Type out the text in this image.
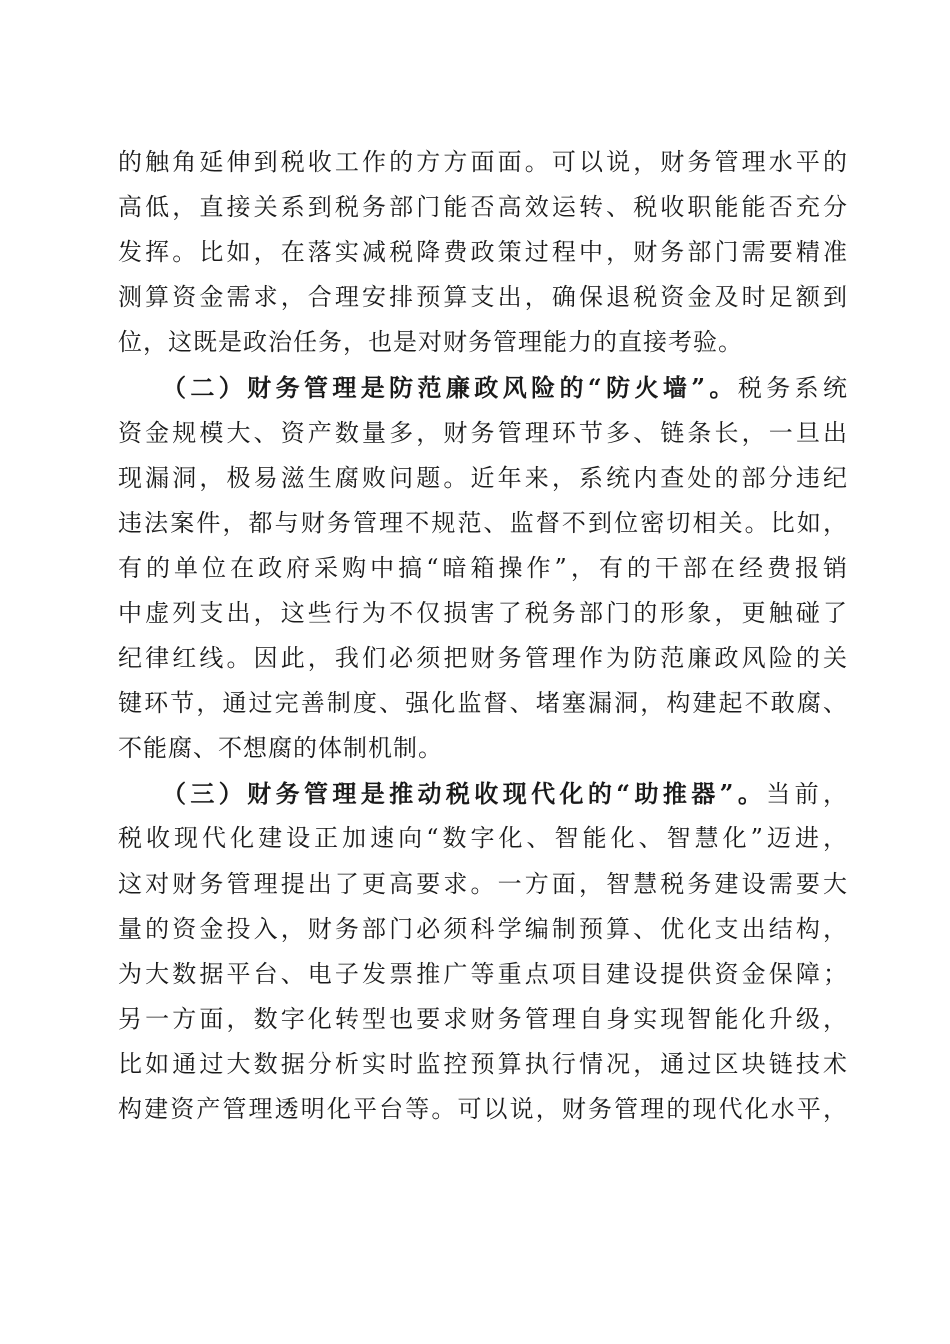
的触角延伸到税收工作的方方面面。可以说，财务管理水平的
高低，直接关系到税务部门能否高效运转、税收职能能否充分
发挥。比如，在落实减税降费政策过程中，财务部门需要精准
测算资金需求，合理安排预算支出，确保退税资金及时足额到
位，这既是政治任务，也是对财务管理能力的直接考验。
（二）财务管理是防范廉政风险的“防火墙”。税务系统
资金规模大、资产数量多，财务管理环节多、链条长，一旦出
现漏洞，极易滋生腐败问题。近年来，系统内查处的部分违纪
违法案件，都与财务管理不规范、监督不到位密切相关。比如，
有的单位在政府采购中搞“暗箱操作”，有的干部在经费报销
中虚列支出，这些行为不仅损害了税务部门的形象，更触碰了
纪律红线。因此，我们必须把财务管理作为防范廉政风险的关
键环节，通过完善制度、强化监督、堵塞漏洞，构建起不敢腐、
不能腐、不想腐的体制机制。
（三）财务管理是推动税收现代化的“助推器”。当前，
税收现代化建设正加速向“数字化、智能化、智慧化”迈进，
这对财务管理提出了更高要求。一方面，智慧税务建设需要大
量的资金投入，财务部门必须科学编制预算、优化支出结构，
为大数据平台、电子发票推广等重点项目建设提供资金保障；
另一方面，数字化转型也要求财务管理自身实现智能化升级，
比如通过大数据分析实时监控预算执行情况，通过区块链技术
构建资产管理透明化平台等。可以说，财务管理的现代化水平，
